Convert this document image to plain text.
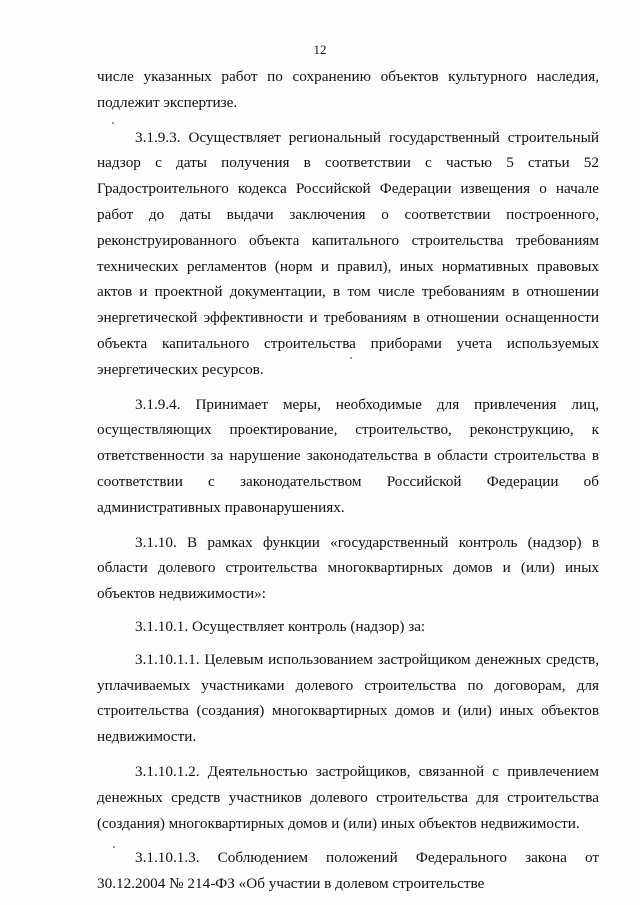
12

числе указанных работ по сохранению объектов культурного наследия, подлежит экспертизе.

3.1.9.3. Осуществляет региональный государственный строительный надзор с даты получения в соответствии с частью 5 статьи 52 Градостроительного кодекса Российской Федерации извещения о начале работ до даты выдачи заключения о соответствии построенного, реконструированного объекта капитального строительства требованиям технических регламентов (норм и правил), иных нормативных правовых актов и проектной документации, в том числе требованиям в отношении энергетической эффективности и требованиям в отношении оснащенности объекта капитального строительства приборами учета используемых энергетических ресурсов.

3.1.9.4. Принимает меры, необходимые для привлечения лиц, осуществляющих проектирование, строительство, реконструкцию, к ответственности за нарушение законодательства в области строительства в соответствии с законодательством Российской Федерации об административных правонарушениях.

3.1.10. В рамках функции «государственный контроль (надзор) в области долевого строительства многоквартирных домов и (или) иных объектов недвижимости»:

3.1.10.1. Осуществляет контроль (надзор) за:

3.1.10.1.1. Целевым использованием застройщиком денежных средств, уплачиваемых участниками долевого строительства по договорам, для строительства (создания) многоквартирных домов и (или) иных объектов недвижимости.

3.1.10.1.2. Деятельностью застройщиков, связанной с привлечением денежных средств участников долевого строительства для строительства (создания) многоквартирных домов и (или) иных объектов недвижимости.

3.1.10.1.3. Соблюдением положений Федерального закона от 30.12.2004 № 214-ФЗ «Об участии в долевом строительстве
